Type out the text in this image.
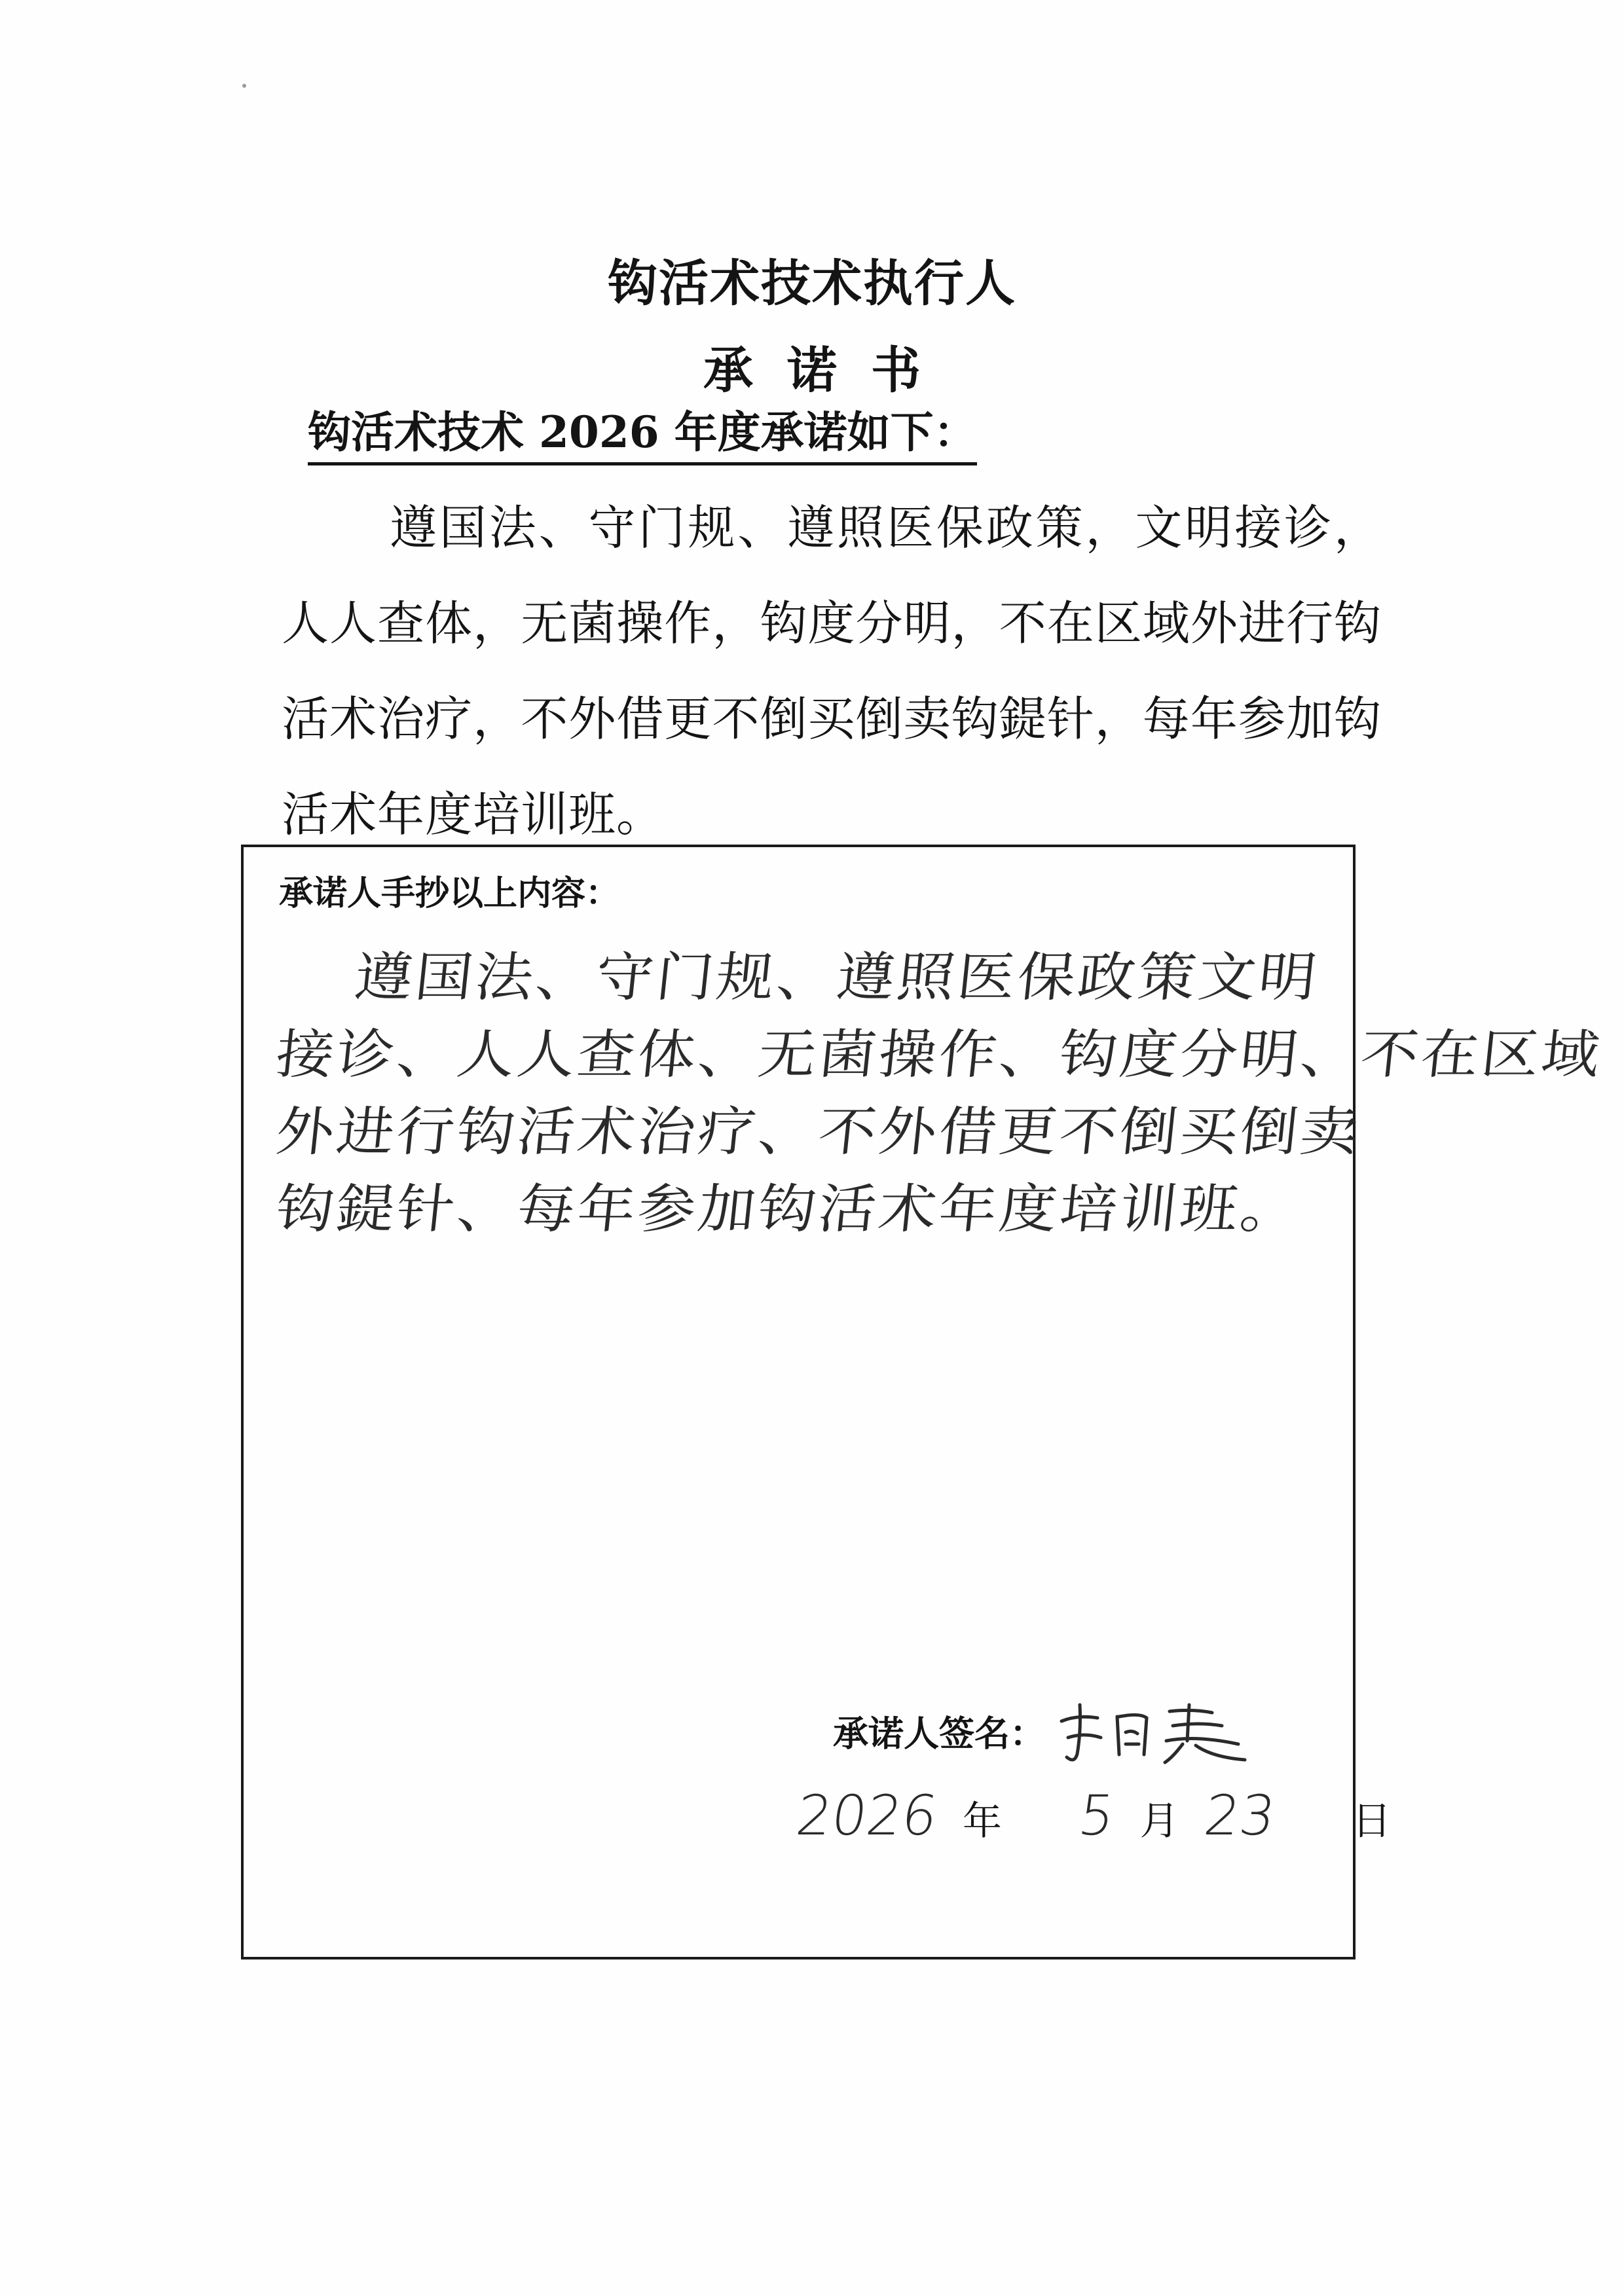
钩活术技术执行人
承诺书
钩活术技术 2026 年度承诺如下：
遵国法、守门规、遵照医保政策，文明接诊，人人查体，无菌操作，钩度分明，不在区域外进行钩活术治疗，不外借更不倒买倒卖钩鍉针，每年参加钩活术年度培训班。
承诺人手抄以上内容：
遵国法、守门规、遵照医保政策文明
接诊、人人查体、无菌操作、钩度分明、不在区域
外进行钩活术治疗、不外借更不倒买倒卖
钩鍉针、每年参加钩活术年度培训班。
承诺人签名：
2026 年 5 月 23 日
